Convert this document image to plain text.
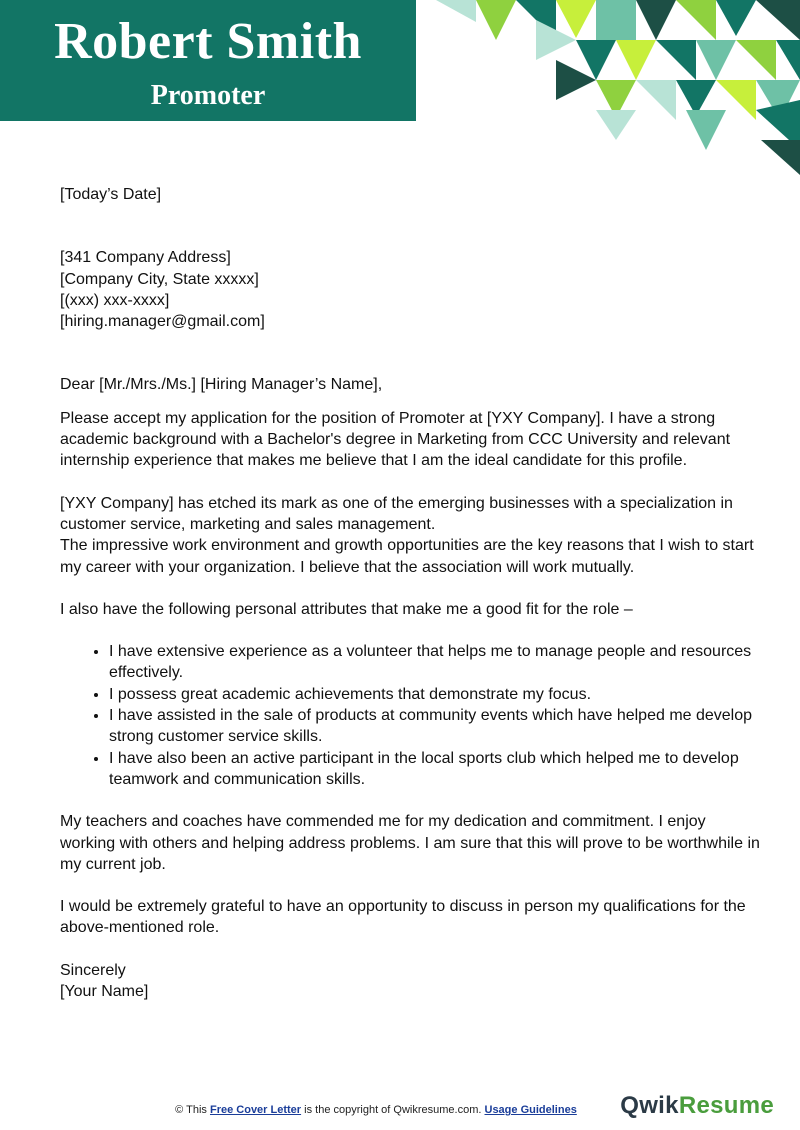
Robert Smith
Promoter

[Today’s Date]

[341 Company Address]

[Company City, State xxxxx]

[(xxx) xxx-xxxx]

[hiring.manager@gmail.com]

Dear [Mr./Mrs./Ms.] [Hiring Manager’s Name],

Please accept my application for the position of Promoter at [YXY Company]. I have a strong academic background with a Bachelor's degree in Marketing from CCC University and relevant internship experience that makes me believe that I am the ideal candidate for this profile.

[YXY Company] has etched its mark as one of the emerging businesses with a specialization in customer service, marketing and sales management.

The impressive work environment and growth opportunities are the key reasons that I wish to start my career with your organization. I believe that the association will work mutually.

I also have the following personal attributes that make me a good fit for the role –

• I have extensive experience as a volunteer that helps me to manage people and resources effectively.
• I possess great academic achievements that demonstrate my focus.
• I have assisted in the sale of products at community events which have helped me develop strong customer service skills.
• I have also been an active participant in the local sports club which helped me to develop teamwork and communication skills.

My teachers and coaches have commended me for my dedication and commitment. I enjoy working with others and helping address problems. I am sure that this will prove to be worthwhile in my current job.

I would be extremely grateful to have an opportunity to discuss in person my qualifications for the above-mentioned role.

Sincerely

[Your Name]

© This Free Cover Letter is the copyright of Qwikresume.com. Usage Guidelines	QwikResume
